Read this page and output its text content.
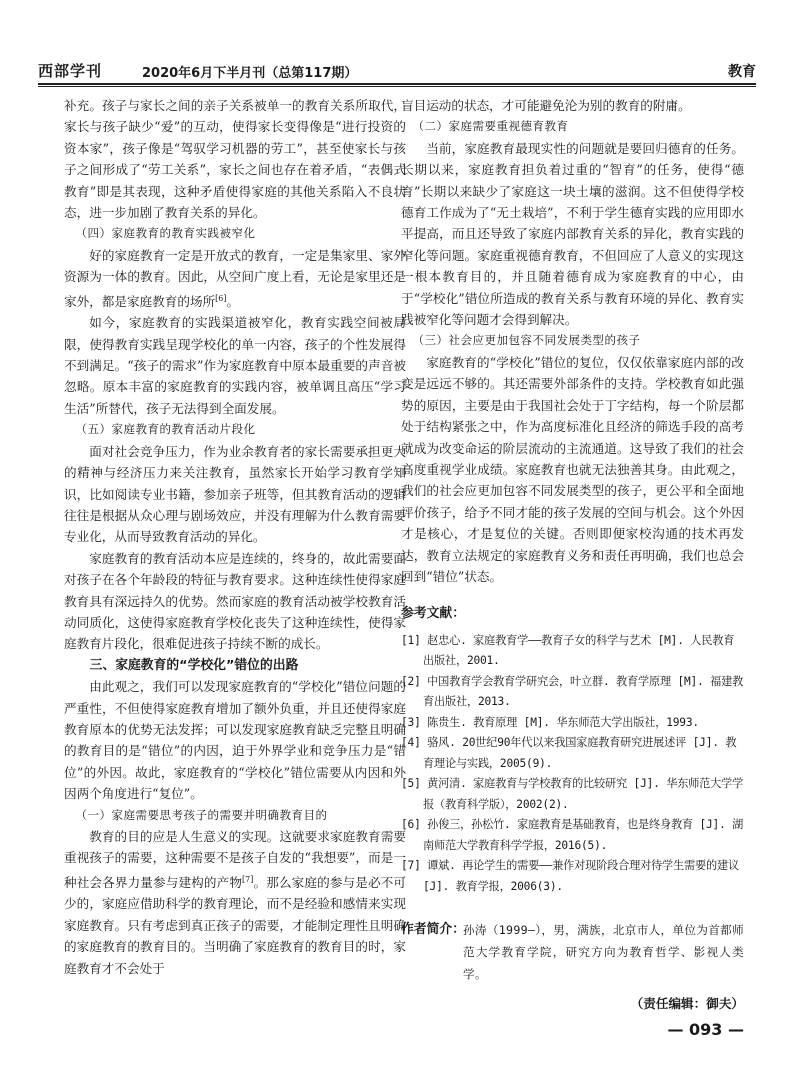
西部学刊	2020年6月下半月刊（总第117期）	教育

补充。孩子与家长之间的亲子关系被单一的教育关系所取代，家长与孩子缺少“爱”的互动，使得家长变得像是“进行投资的资本家”，孩子像是“驾驭学习机器的劳工”，甚至使家长与孩子之间形成了“劳工关系”，家长之间也存在着矛盾，“表偶式教育”即是其表现，这种矛盾使得家庭的其他关系陷入不良状态，进一步加剧了教育关系的异化。

（四）家庭教育的教育实践被窄化

好的家庭教育一定是开放式的教育，一定是集家里、家外资源为一体的教育。因此，从空间广度上看，无论是家里还是家外，都是家庭教育的场所[6]。

如今，家庭教育的实践渠道被窄化，教育实践空间被局限，使得教育实践呈现学校化的单一内容，孩子的个性发展得不到满足。“孩子的需求”作为家庭教育中原本最重要的声音被忽略。原本丰富的家庭教育的实践内容，被单调且高压“学习生活”所替代，孩子无法得到全面发展。

（五）家庭教育的教育活动片段化

面对社会竞争压力，作为业余教育者的家长需要承担更大的精神与经济压力来关注教育，虽然家长开始学习教育学知识，比如阅读专业书籍，参加亲子班等，但其教育活动的逻辑往往是根据从众心理与剧场效应，并没有理解为什么教育需要专业化，从而导致教育活动的异化。

家庭教育的教育活动本应是连续的，终身的，故此需要面对孩子在各个年龄段的特征与教育要求。这种连续性使得家庭教育具有深远持久的优势。然而家庭的教育活动被学校教育活动同质化，这使得家庭教育学校化丧失了这种连续性，使得家庭教育片段化，很难促进孩子持续不断的成长。

三、家庭教育的“学校化”错位的出路

由此观之，我们可以发现家庭教育的“学校化”错位问题的严重性，不但使得家庭教育增加了额外负重，并且还使得家庭教育原本的优势无法发挥；可以发现家庭教育缺乏完整且明确的教育目的是“错位”的内因，迫于外界学业和竞争压力是“错位”的外因。故此，家庭教育的“学校化”错位需要从内因和外因两个角度进行“复位”。

（一）家庭需要思考孩子的需要并明确教育目的

教育的目的应是人生意义的实现。这就要求家庭教育需要重视孩子的需要，这种需要不是孩子自发的“我想要”，而是一种社会各界力量参与建构的产物[7]。那么家庭的参与是必不可少的，家庭应借助科学的教育理论，而不是经验和感情来实现家庭教育。只有考虑到真正孩子的需要，才能制定理性且明确的家庭教育的教育目的。当明确了家庭教育的教育目的时，家庭教育才不会处于

盲目运动的状态，才可能避免沦为别的教育的附庸。

（二）家庭需要重视德育教育

当前，家庭教育最现实性的问题就是要回归德育的任务。长期以来，家庭教育担负着过重的“智育”的任务，使得“德育”长期以来缺少了家庭这一块土壤的滋润。这不但使得学校德育工作成为了“无土栽培”，不利于学生德育实践的应用即水平提高，而且还导致了家庭内部教育关系的异化，教育实践的窄化等问题。家庭重视德育教育，不但回应了人意义的实现这一根本教育目的，并且随着德育成为家庭教育的中心，由于“学校化”错位所造成的教育关系与教育环境的异化、教育实践被窄化等问题才会得到解决。

（三）社会应更加包容不同发展类型的孩子

家庭教育的“学校化”错位的复位，仅仅依靠家庭内部的改变是远远不够的。其还需要外部条件的支持。学校教育如此强势的原因，主要是由于我国社会处于丁字结构，每一个阶层都处于结构紧张之中，作为高度标准化且经济的筛选手段的高考就成为改变命运的阶层流动的主流通道。这导致了我们的社会高度重视学业成绩。家庭教育也就无法独善其身。由此观之，我们的社会应更加包容不同发展类型的孩子，更公平和全面地评价孩子，给予不同才能的孩子发展的空间与机会。这个外因才是核心，才是复位的关键。否则即便家校沟通的技术再发达，教育立法规定的家庭教育义务和责任再明确，我们也总会回到“错位”状态。

参考文献：
[1] 赵忠心. 家庭教育学——教育子女的科学与艺术 [M]. 人民教育出版社，2001.
[2] 中国教育学会教育学研究会，叶立群. 教育学原理 [M]. 福建教育出版社，2013.
[3] 陈贵生. 教育原理 [M]. 华东师范大学出版社，1993.
[4] 骆风. 20世纪90年代以来我国家庭教育研究进展述评 [J]. 教育理论与实践，2005(9).
[5] 黄河清. 家庭教育与学校教育的比较研究 [J]. 华东师范大学学报（教育科学版），2002(2).
[6] 孙俊三，孙松竹. 家庭教育是基础教育，也是终身教育 [J]. 湖南师范大学教育科学学报，2016(5).
[7] 谭斌. 再论学生的需要——兼作对现阶段合理对待学生需要的建议 [J]. 教育学报，2006(3).
作者简介：
孙涛（1999—），男，满族，北京市人，单位为首都师范大学教育学院，研究方向为教育哲学、影视人类学。
（责任编辑：御夫）
— 093 —
